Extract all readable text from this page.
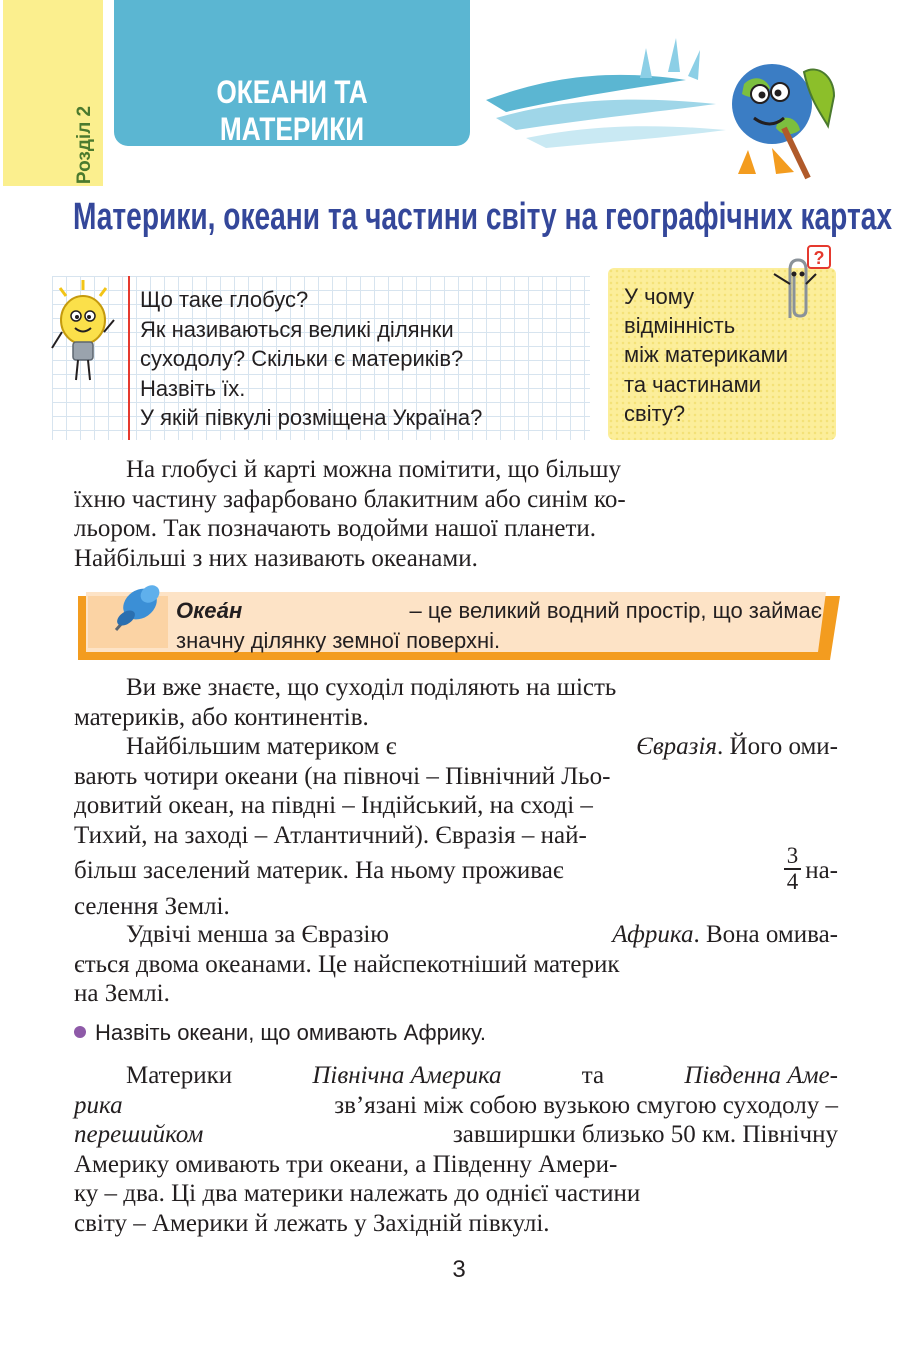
Розділ 2
ОКЕАНИ ТА МАТЕРИКИ
Материки, океани та частини світу на географічних картах
Що таке глобус?
Як називаються великі ділянки
суходолу? Скільки є материків?
Назвіть їх.
У якій півкулі розміщена Україна?
?
У чому
відмінність
між материками
та частинами
світу?
На глобусі й карті можна помітити, що більшу
їхню частину зафарбовано блакитним або синім ко-
льором. Так позначають водойми нашої планети.
Найбільші з них називають океанами.
Океа́н	– це великий водний простір, що займає
значну ділянку земної поверхні.
Ви вже знаєте, що суходіл поділяють на шість
материків, або континентів.
Найбільшим материком є	Євразія. Його оми-
вають чотири океани (на півночі – Північний Льо-
довитий океан, на півдні – Індійський, на сході –
Тихий, на заході – Атлантичний). Євразія – най-
більш заселений материк. На ньому проживає	$\frac{3}{4} на-$
селення Землі.
Удвічі менша за Євразію	Африка. Вона омива-
ється двома океанами. Це найспекотніший материк
на Землі.
Назвіть океани, що омивають Африку.
Материки	Північна Америка	та	Південна Аме-
рика	зв’язані між собою вузькою смугою суходолу –
перешийком	завширшки близько 50 км. Північну
Америку омивають три океани, а Південну Амери-
ку – два. Ці два материки належать до однієї частини
світу – Америки й лежать у Західній півкулі.
3
